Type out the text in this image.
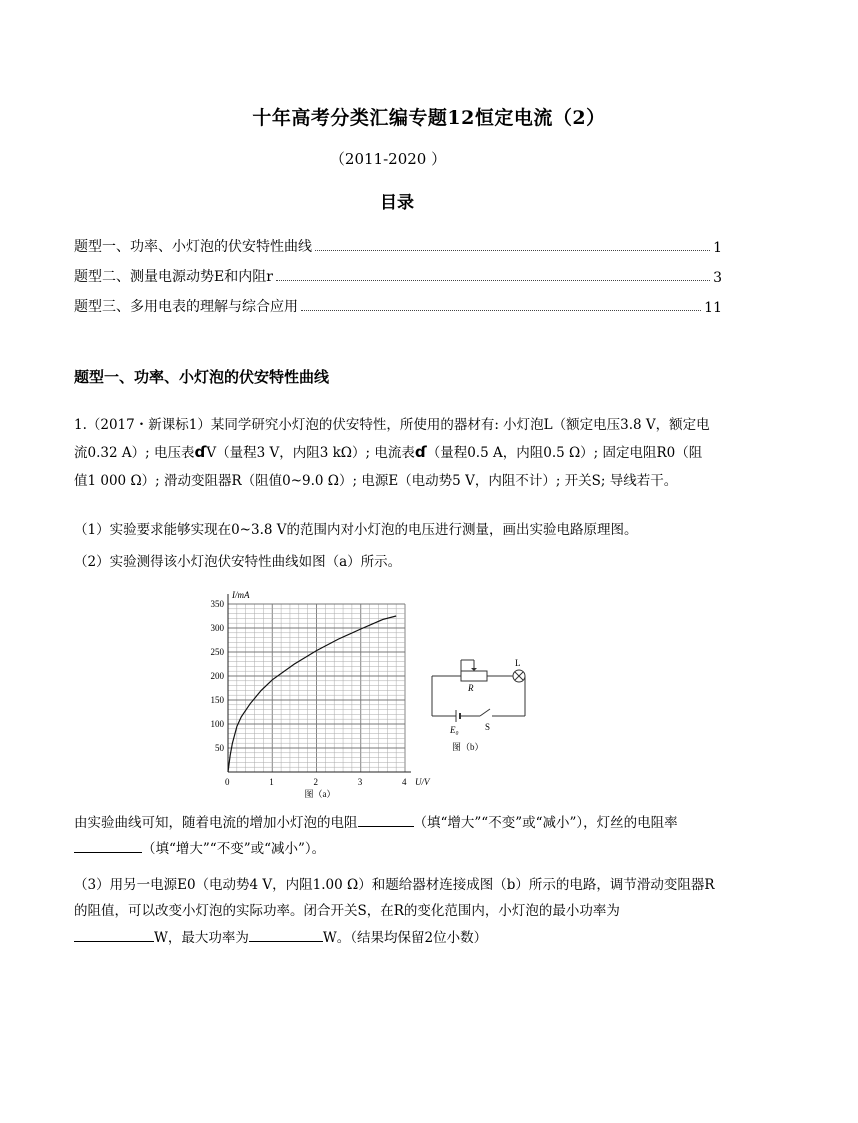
十年高考分类汇编专题12恒定电流（2）
（2011-2020 ）
目录
题型一、功率、小灯泡的伏安特性曲线	1
题型二、测量电源动势E和内阻r	3
题型三、多用电表的理解与综合应用	11
题型一、功率、小灯泡的伏安特性曲线
1.（2017・新课标1）某同学研究小灯泡的伏安特性，所使用的器材有: 小灯泡L（额定电压3.8 V，额定电
流0.32 A）; 电压表ɗV（量程3 V，内阻3 kΩ）; 电流表ɗ（量程0.5 A，内阻0.5 Ω）; 固定电阻R0（阻
值1 000 Ω）; 滑动变阻器R（阻值0~9.0 Ω）; 电源E（电动势5 V，内阻不计）; 开关S; 导线若干。
（1）实验要求能够实现在0~3.8 V的范围内对小灯泡的电压进行测量，画出实验电路原理图。
（2）实验测得该小灯泡伏安特性曲线如图（a）所示。
0	1	2	3	4
50
100
150
200
250
300
350
U/V
I/mA
图（a）
L
R
E₀	S
图（b）
由实验曲线可知，随着电流的增加小灯泡的电阻	（填“增大”“不变”或“减小”），灯丝的电阻率
（填“增大”“不变”或“减小”）。
（3）用另一电源E0（电动势4 V，内阻1.00 Ω）和题给器材连接成图（b）所示的电路，调节滑动变阻器R
的阻值，可以改变小灯泡的实际功率。闭合开关S，在R的变化范围内，小灯泡的最小功率为
W，最大功率为	W。（结果均保留2位小数）
